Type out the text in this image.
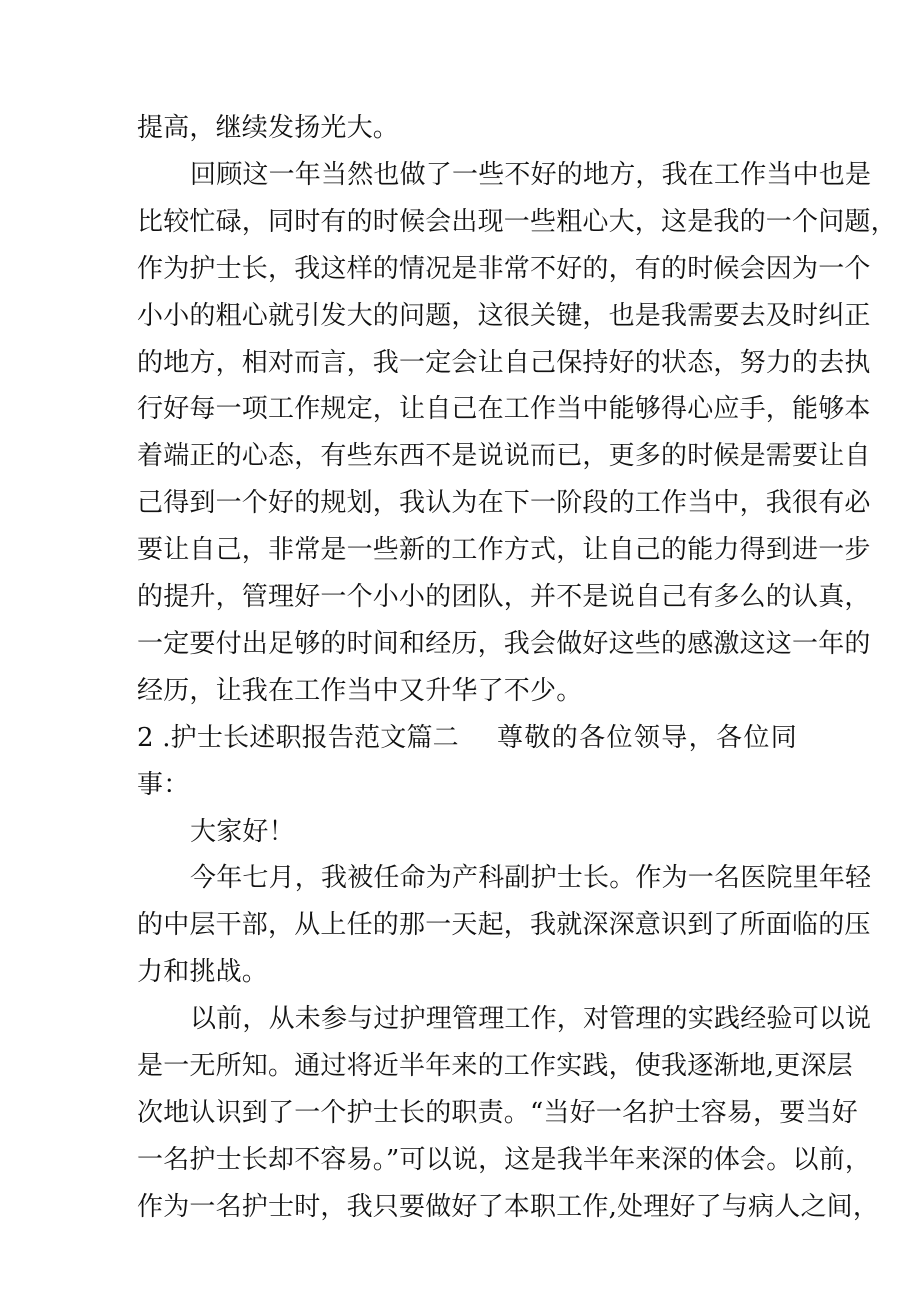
提高，继续发扬光大。
回顾这一年当然也做了一些不好的地方，我在工作当中也是
比较忙碌，同时有的时候会出现一些粗心大，这是我的一个问题，
作为护士长，我这样的情况是非常不好的，有的时候会因为一个
小小的粗心就引发大的问题，这很关键，也是我需要去及时纠正
的地方，相对而言，我一定会让自己保持好的状态，努力的去执
行好每一项工作规定，让自己在工作当中能够得心应手，能够本
着端正的心态，有些东西不是说说而已，更多的时候是需要让自
己得到一个好的规划，我认为在下一阶段的工作当中，我很有必
要让自己，非常是一些新的工作方式，让自己的能力得到进一步
的提升，管理好一个小小的团队，并不是说自己有多么的认真，
一定要付出足够的时间和经历，我会做好这些的感激这这一年的
经历，让我在工作当中又升华了不少。
2 .护士长述职报告范文篇二 尊敬的各位领导，各位同
事：
大家好！
今年七月，我被任命为产科副护士长。作为一名医院里年轻
的中层干部，从上任的那一天起，我就深深意识到了所面临的压
力和挑战。
以前，从未参与过护理管理工作，对管理的实践经验可以说
是一无所知。通过将近半年来的工作实践，使我逐渐地,更深层
次地认识到了一个护士长的职责。“当好一名护士容易，要当好
一名护士长却不容易。”可以说，这是我半年来深的体会。以前，
作为一名护士时，我只要做好了本职工作,处理好了与病人之间，
